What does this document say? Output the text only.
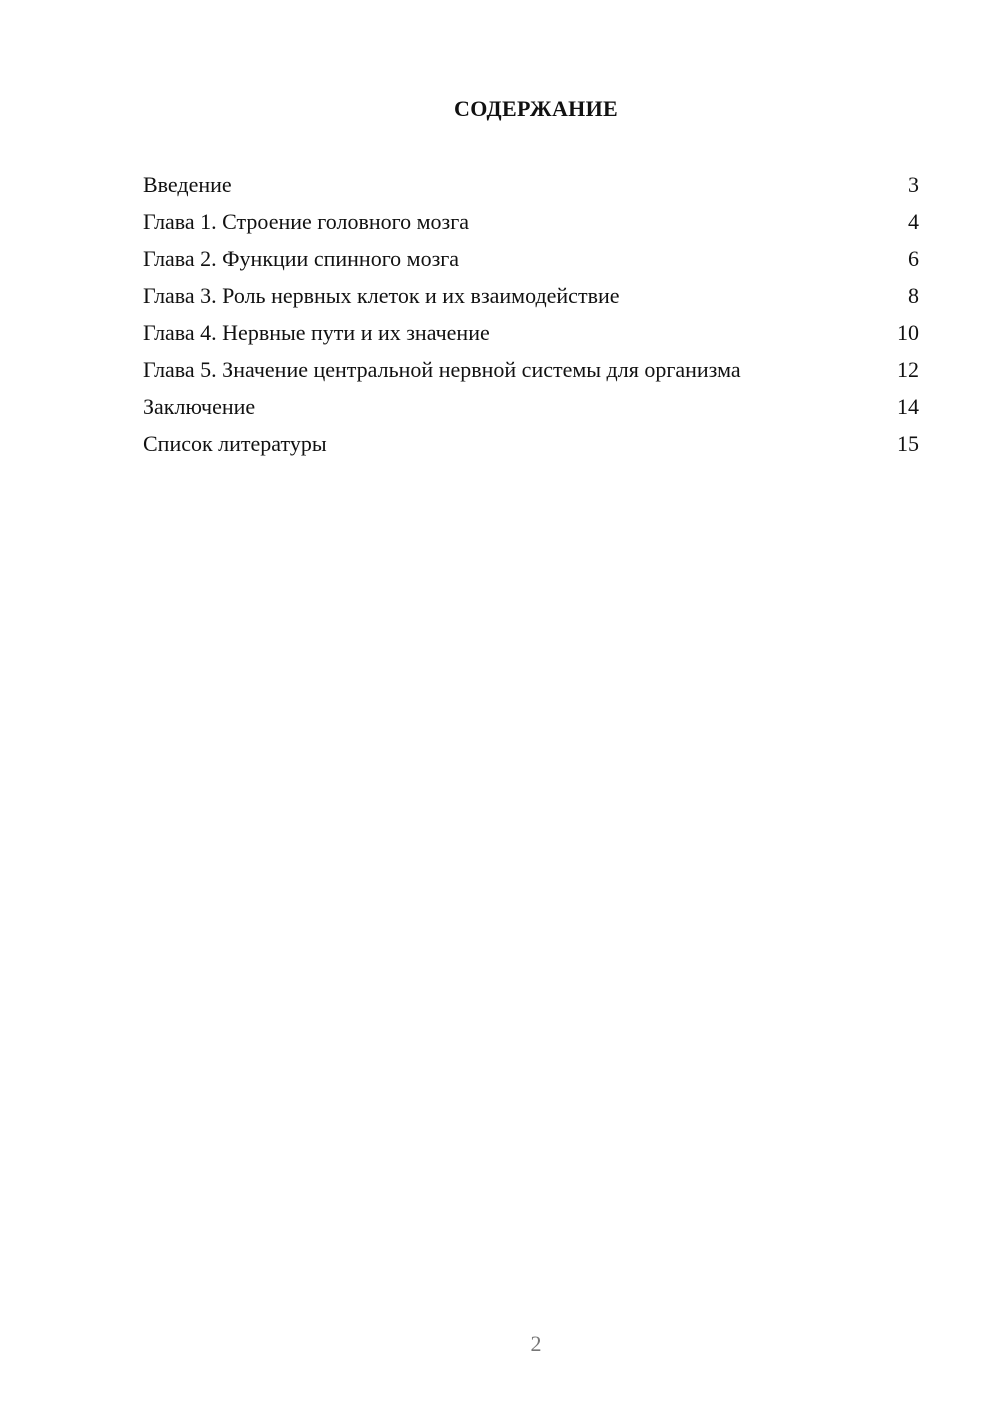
СОДЕРЖАНИЕ
Введение	3
Глава 1. Строение головного мозга	4
Глава 2. Функции спинного мозга	6
Глава 3. Роль нервных клеток и их взаимодействие	8
Глава 4. Нервные пути и их значение	10
Глава 5. Значение центральной нервной системы для организма	12
Заключение	14
Список литературы	15
2
